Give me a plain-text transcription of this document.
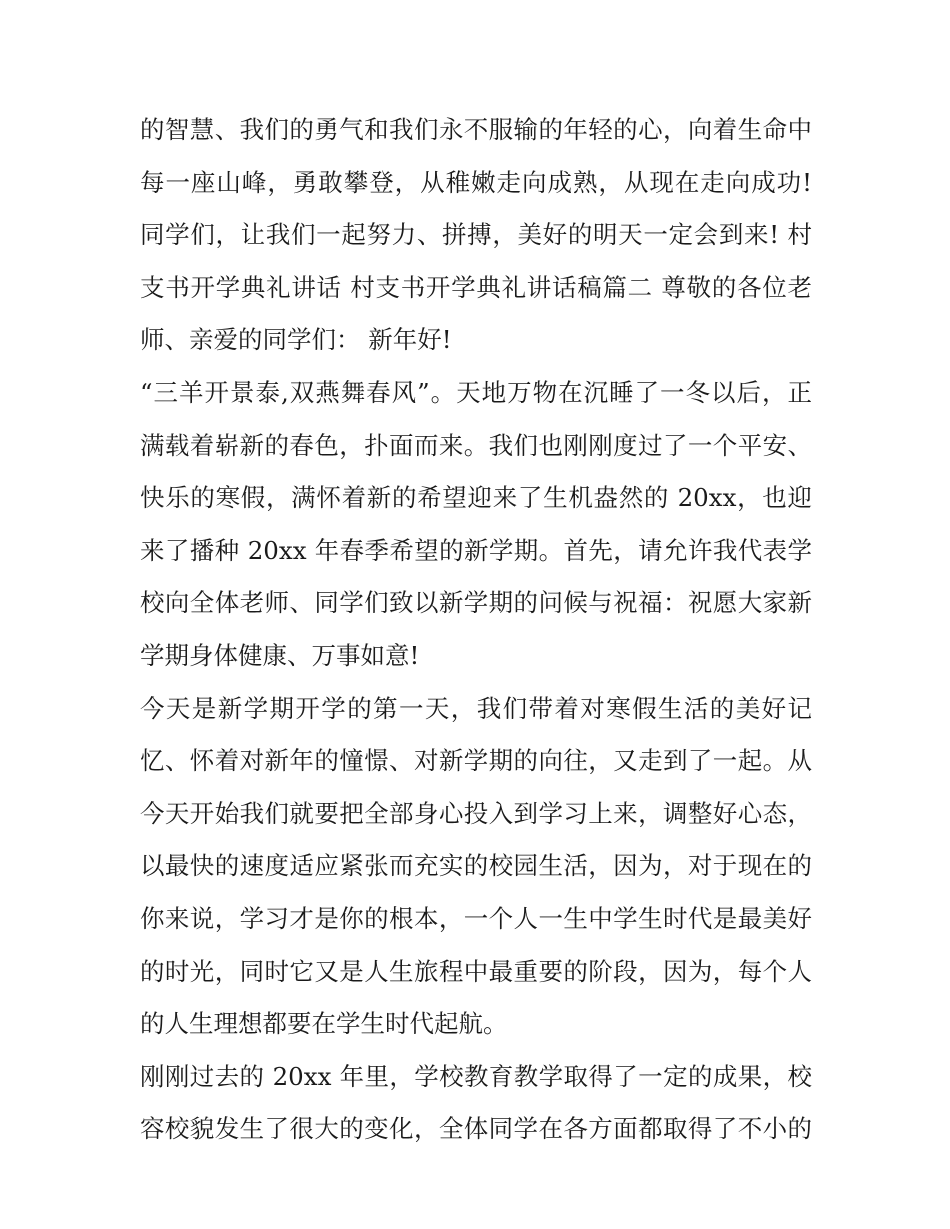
的智慧、我们的勇气和我们永不服输的年轻的心，向着生命中
每一座山峰，勇敢攀登，从稚嫩走向成熟，从现在走向成功!
同学们，让我们一起努力、拼搏，美好的明天一定会到来! 村
支书开学典礼讲话 村支书开学典礼讲话稿篇二 尊敬的各位老
师、亲爱的同学们： 新年好!
“三羊开景泰,双燕舞春风”。天地万物在沉睡了一冬以后，正
满载着崭新的春色，扑面而来。我们也刚刚度过了一个平安、
快乐的寒假，满怀着新的希望迎来了生机盎然的 20xx，也迎
来了播种 20xx 年春季希望的新学期。首先，请允许我代表学
校向全体老师、同学们致以新学期的问候与祝福：祝愿大家新
学期身体健康、万事如意!
今天是新学期开学的第一天，我们带着对寒假生活的美好记
忆、怀着对新年的憧憬、对新学期的向往，又走到了一起。从
今天开始我们就要把全部身心投入到学习上来，调整好心态，
以最快的速度适应紧张而充实的校园生活，因为，对于现在的
你来说，学习才是你的根本，一个人一生中学生时代是最美好
的时光，同时它又是人生旅程中最重要的阶段，因为，每个人
的人生理想都要在学生时代起航。
刚刚过去的 20xx 年里，学校教育教学取得了一定的成果，校
容校貌发生了很大的变化，全体同学在各方面都取得了不小的
